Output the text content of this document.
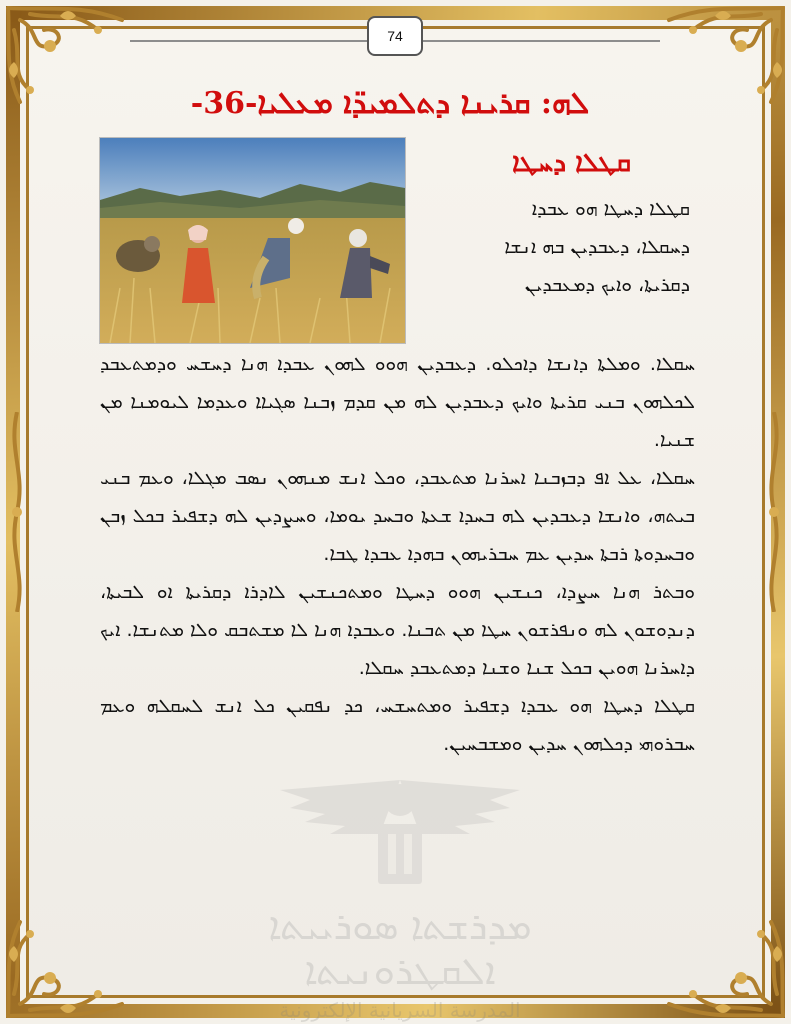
74
ܡܕܪܫܬܐ ܣܘܪܝܝܬܐ ܐܠܩܛܪܘܢܝܬܐ
المدرسة السريانية الإلكترونية
ܠܗ: ܩܪܝܢܐ ܕܬܠܡܝܕ̈ܐ ܡܥܠܝܐ-36-
ܩܛܠܐ ܕܚܛܐ

ܩܛܠܐ ܕܚܛܐ ܗܘ ܥܒܕܐ

ܕܚܩܠܐ، ܕܥܒܕܝܢ ܒܗ ܐܢܫܐ

ܕܩܪܝܬܐ، ܘܐܝܟ ܕܡܥܒܕܝܢ

ܚܩܠܐ. ܘܡܠܬܐ ܕܐܢܫܐ ܕܐܟܠܘ. ܕܥܒܕܝܢ ܗܘܘ ܠܗܘܢ ܥܒܕܐ ܗܢܐ ܕܚܫܚ ܘܕܡܬܥܒܕ ܠܟܠܗܘܢ ܒܢܝ ܩܪܝܬܐ ܘܐܝܟ ܕܥܒܕܝܢ ܠܗ ܡܢ ܩܕܡ ܙܒܢܐ ܣܓܝܐܐ ܘܥܕܡܐ ܠܝܘܡܢܐ ܡܢ ܫܢܝܐ.

ܚܩܠܐ، ܥܠ ܐܦ ܕܒܙܒܢܐ ܐܚܪܢܐ ܡܬܥܒܕ، ܘܟܠ ܐܢܫ ܡܢܗܘܢ ܢܣܒ ܡܓܠܐ، ܘܥܡ ܒܢܝ ܒܝܬܗ، ܘܐܢܫܐ ܕܥܒܕܝܢ ܠܗ ܒܚܕܐ ܫܥܬܐ ܘܒܚܕ ܝܘܡܐ، ܘܚܨܕܝܢ ܠܗ ܕܫܦܝܪ ܒܟܠ ܙܒܢ ܘܒܚܕܘܬܐ ܪܒܬܐ ܚܕܝܢ ܥܡ ܚܒܪܝܗܘܢ ܒܗܕܐ ܥܒܕܐ ܛܒܐ.

ܘܒܬܪ ܗܢܐ ܚܨܕܐ، ܟܢܫܝܢ ܗܘܘ ܕܚܛܐ ܘܡܬܟܢܫܝܢ ܠܐܕܪܐ ܕܩܪܝܬܐ ܐܘ ܠܒܝܬܐ، ܕܢܕܘܫܘܢ ܠܗ ܘܢܦܪܫܘܢ ܚܛܐ ܡܢ ܬܒܢܐ. ܘܥܒܕܐ ܗܢܐ ܠܐ ܡܫܬܒܩ ܘܠܐ ܡܬܢܫܐ. ܐܝܟ ܕܐܚܪܢܐ ܗܘܝܢ ܒܟܠ ܫܢܐ ܘܫܢܐ ܕܡܬܥܒܕ ܚܩܠܐ.

ܩܛܠܐ ܕܚܛܐ ܗܘ ܥܒܕܐ ܕܫܦܝܪ ܘܡܬܚܫܚ، ܟܕ ܢܦܩܝܢ ܟܠ ܐܢܫ ܠܚܩܠܗ ܘܥܡ ܚܒܪܘܗܝ ܕܟܠܗܘܢ ܚܕܝܢ ܘܡܫܒܚܝܢ.
